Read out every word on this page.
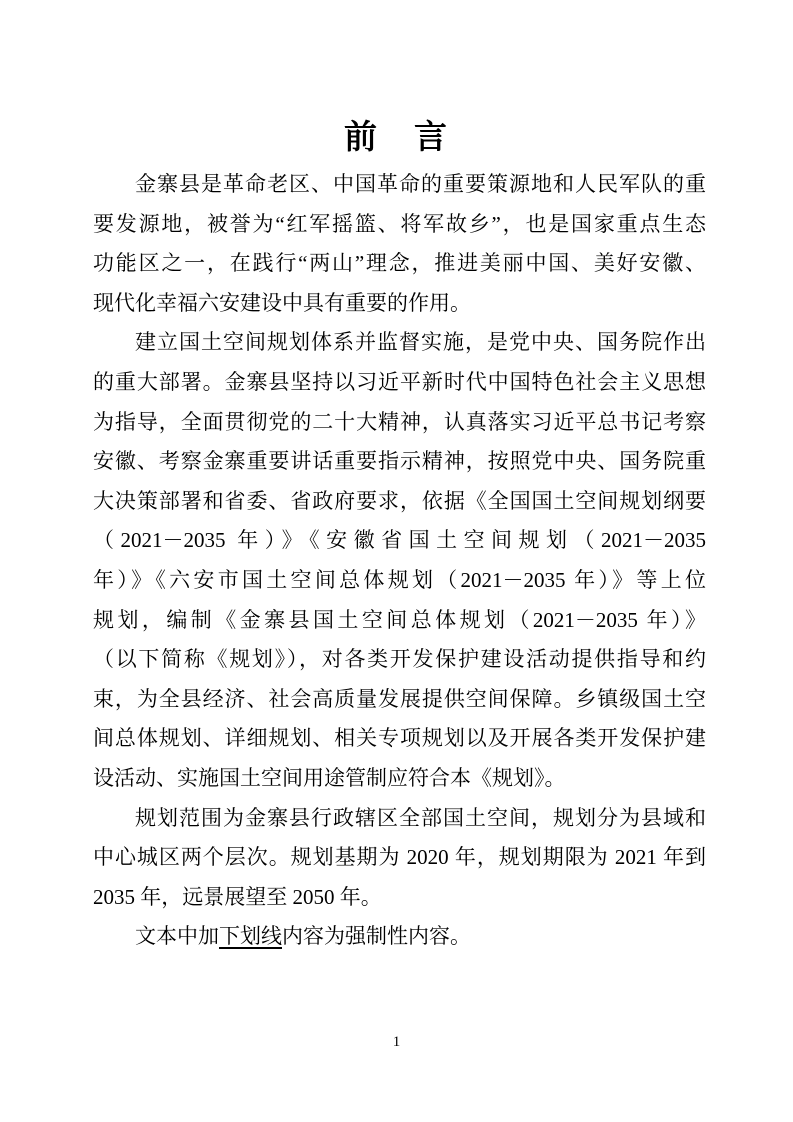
前　言
金寨县是革命老区、中国革命的重要策源地和人民军队的重
要发源地，被誉为“红军摇篮、将军故乡”，也是国家重点生态
功能区之一，在践行“两山”理念，推进美丽中国、美好安徽、
现代化幸福六安建设中具有重要的作用。
建立国土空间规划体系并监督实施，是党中央、国务院作出
的重大部署。金寨县坚持以习近平新时代中国特色社会主义思想
为指导，全面贯彻党的二十大精神，认真落实习近平总书记考察
安徽、考察金寨重要讲话重要指示精神，按照党中央、国务院重
大决策部署和省委、省政府要求，依据《全国国土空间规划纲要
（2021－2035 年）》《安徽省国土空间规划（2021－2035
年）》《六安市国土空间总体规划（2021－2035 年）》等上位
规划，编制《金寨县国土空间总体规划（2021－2035 年）》
（以下简称《规划》），对各类开发保护建设活动提供指导和约
束，为全县经济、社会高质量发展提供空间保障。乡镇级国土空
间总体规划、详细规划、相关专项规划以及开展各类开发保护建
设活动、实施国土空间用途管制应符合本《规划》。
规划范围为金寨县行政辖区全部国土空间，规划分为县域和
中心城区两个层次。规划基期为 2020 年，规划期限为 2021 年到
2035 年，远景展望至 2050 年。
文本中加下划线内容为强制性内容。
1
